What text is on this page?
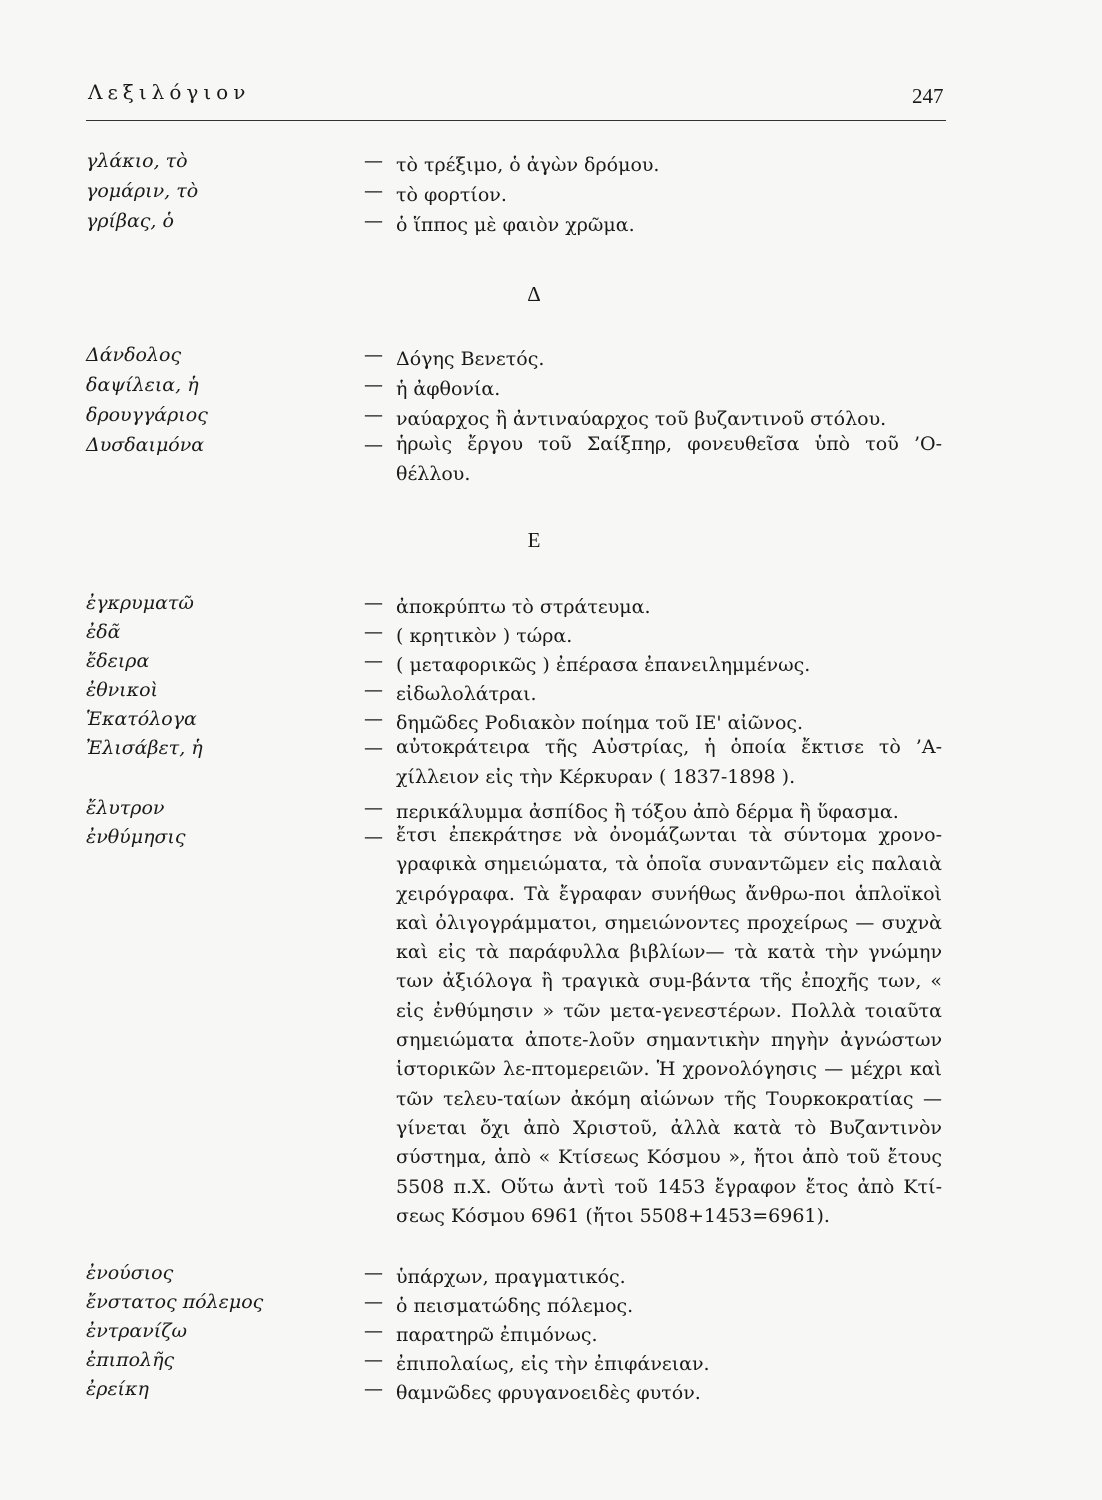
Λεξιλόγιον	247
γλάκιο, τὸ	— τὸ τρέξιμο, ὁ ἀγὼν δρόμου.
γομάριν, τὸ	— τὸ φορτίον.
γρίβας, ὁ	— ὁ ἵππος μὲ φαιὸν χρῶμα.
Δ
Δάνδολος	— Δόγης Βενετός.
δαψίλεια, ἡ	— ἡ ἀφθονία.
δρουγγάριος	— ναύαρχος ἢ ἀντιναύαρχος τοῦ βυζαντινοῦ στόλου.
Δυσδαιμόνα	— ἡρωὶς ἔργου τοῦ Σαίξπηρ, φονευθεῖσα ὑπὸ τοῦ ’Ο-θέλλου.
Ε
ἐγκρυματῶ	— ἀποκρύπτω τὸ στράτευμα.
ἐδᾶ	— ( κρητικὸν ) τώρα.
ἔδειρα	— ( μεταφορικῶς ) ἐπέρασα ἐπανειλημμένως.
ἐθνικοὶ	— εἰδωλολάτραι.
Ἑκατόλογα	— δημῶδες Ροδιακὸν ποίημα τοῦ ΙΕ' αἰῶνος.
Ἐλισάβετ, ἡ	— αὐτοκράτειρα τῆς Αὐστρίας, ἡ ὁποία ἔκτισε τὸ ’Α-χίλλειον εἰς τὴν Κέρκυραν ( 1837-1898 ).
ἔλυτρον	— περικάλυμμα ἀσπίδος ἢ τόξου ἀπὸ δέρμα ἢ ὕφασμα.
ἐνθύμησις	— ἔτσι ἐπεκράτησε νὰ ὀνομάζωνται τὰ σύντομα χρονο-γραφικὰ σημειώματα, τὰ ὁποῖα συναντῶμεν εἰς παλαιὰ χειρόγραφα. Τὰ ἔγραφαν συνήθως ἄνθρω-ποι ἁπλοϊκοὶ καὶ ὀλιγογράμματοι, σημειώνοντες προχείρως — συχνὰ καὶ εἰς τὰ παράφυλλα βιβλίων— τὰ κατὰ τὴν γνώμην των ἀξιόλογα ἢ τραγικὰ συμ-βάντα τῆς ἐποχῆς των, « εἰς ἐνθύμησιν » τῶν μετα-γενεστέρων. Πολλὰ τοιαῦτα σημειώματα ἀποτε-λοῦν σημαντικὴν πηγὴν ἀγνώστων ἱστορικῶν λε-πτομερειῶν. Ἡ χρονολόγησις — μέχρι καὶ τῶν τελευ-ταίων ἀκόμη αἰώνων τῆς Τουρκοκρατίας — γίνεται ὄχι ἀπὸ Χριστοῦ, ἀλλὰ κατὰ τὸ Βυζαντινὸν σύστημα, ἀπὸ « Κτίσεως Κόσμου », ἤτοι ἀπὸ τοῦ ἔτους 5508 π.Χ. Οὕτω ἀντὶ τοῦ 1453 ἔγραφον ἔτος ἀπὸ Κτί-σεως Κόσμου 6961 (ἤτοι 5508+1453=6961).
ἐνούσιος	— ὑπάρχων, πραγματικός.
ἔνστατος πόλεμος	— ὁ πεισματώδης πόλεμος.
ἐντρανίζω	— παρατηρῶ ἐπιμόνως.
ἐπιπολῆς	— ἐπιπολαίως, εἰς τὴν ἐπιφάνειαν.
ἐρείκη	— θαμνῶδες φρυγανοειδὲς φυτόν.
